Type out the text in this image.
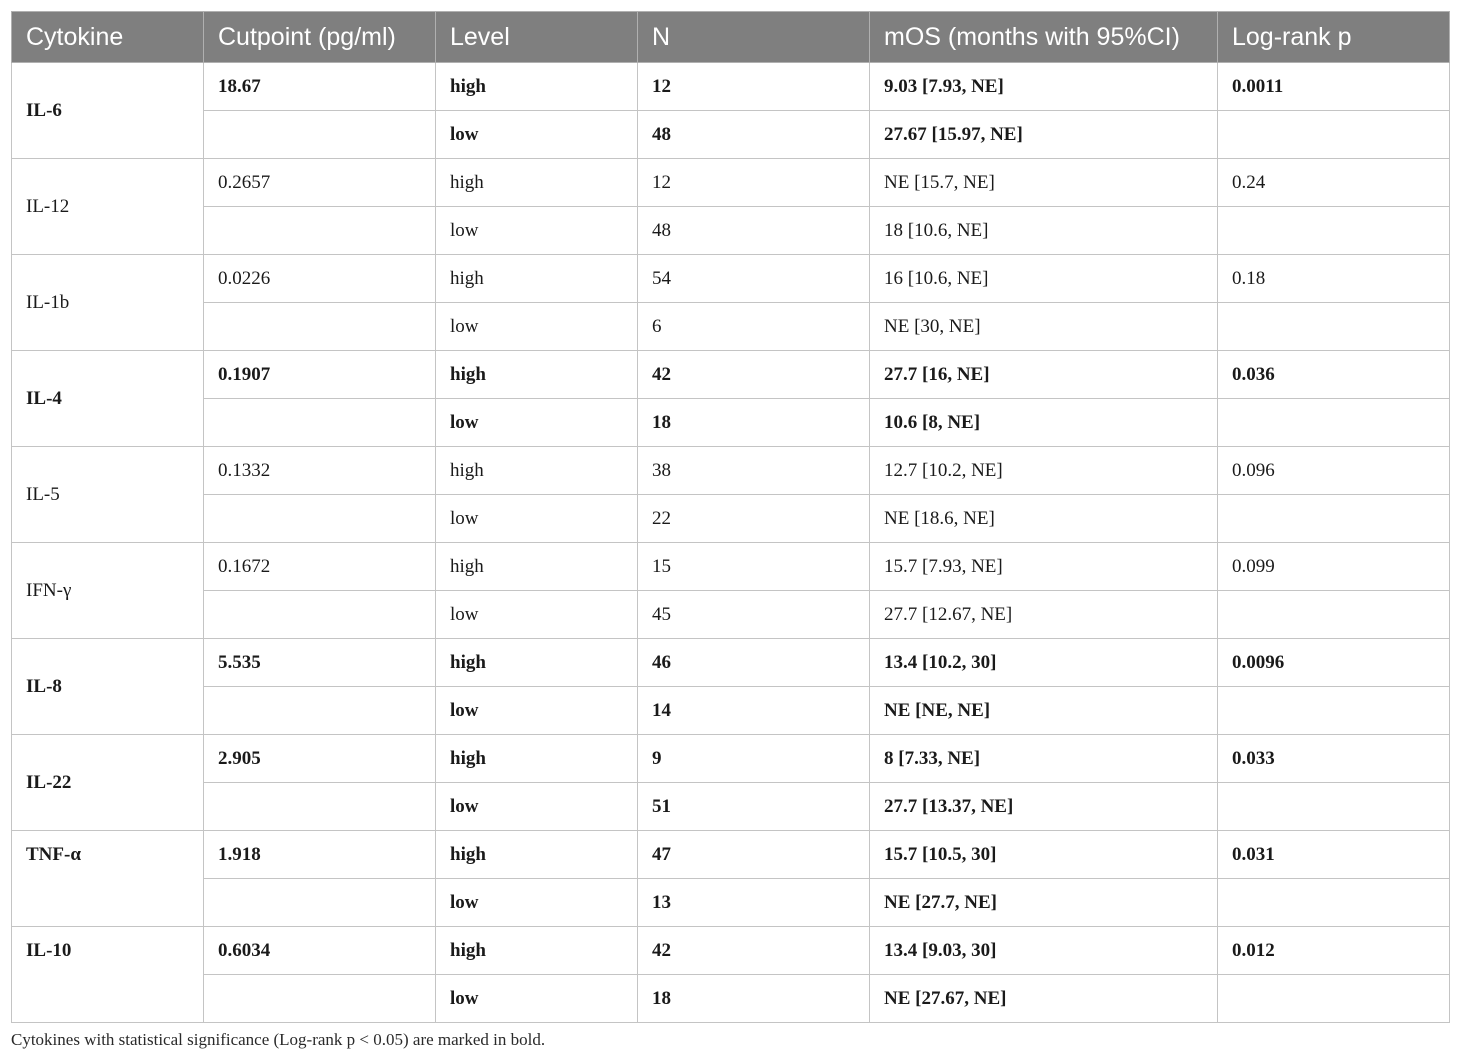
Cytokine	Cutpoint (pg/ml)	Level	N	mOS (months with 95%CI)	Log-rank p
IL-6	18.67	high	12	9.03 [7.93, NE]	0.0011
		low	48	27.67 [15.97, NE]	
IL-12	0.2657	high	12	NE [15.7, NE]	0.24
		low	48	18 [10.6, NE]	
IL-1b	0.0226	high	54	16 [10.6, NE]	0.18
		low	6	NE [30, NE]	
IL-4	0.1907	high	42	27.7 [16, NE]	0.036
		low	18	10.6 [8, NE]	
IL-5	0.1332	high	38	12.7 [10.2, NE]	0.096
		low	22	NE [18.6, NE]	
IFN-γ	0.1672	high	15	15.7 [7.93, NE]	0.099
		low	45	27.7 [12.67, NE]	
IL-8	5.535	high	46	13.4 [10.2, 30]	0.0096
		low	14	NE [NE, NE]	
IL-22	2.905	high	9	8 [7.33, NE]	0.033
		low	51	27.7 [13.37, NE]	
TNF-α	1.918	high	47	15.7 [10.5, 30]	0.031
		low	13	NE [27.7, NE]	
IL-10	0.6034	high	42	13.4 [9.03, 30]	0.012
		low	18	NE [27.67, NE]	
Cytokines with statistical significance (Log-rank p < 0.05) are marked in bold.
